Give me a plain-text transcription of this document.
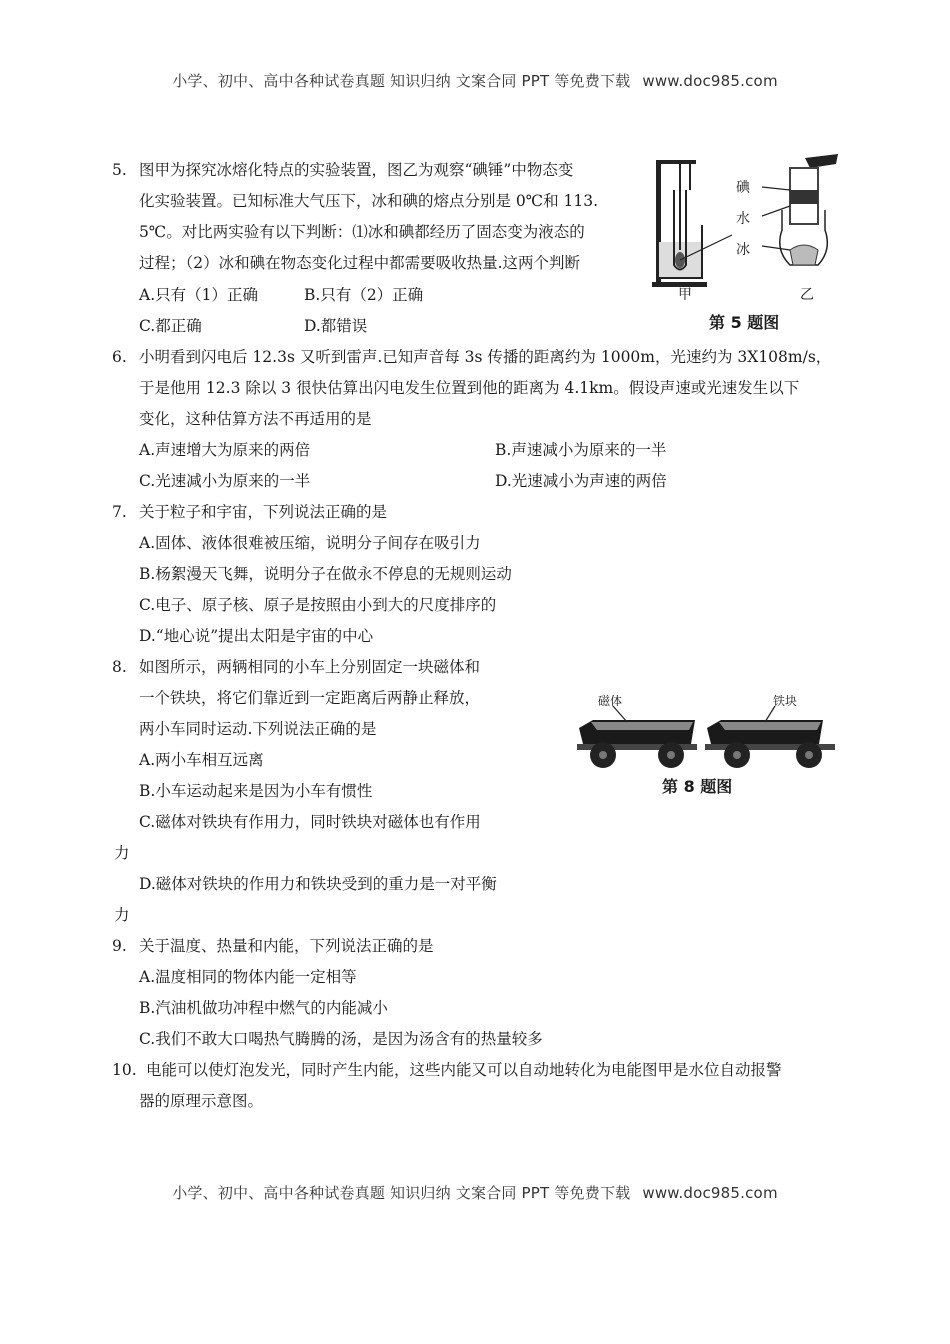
小学、初中、高中各种试卷真题 知识归纳 文案合同 PPT 等免费下载 www.doc985.com
5. 图甲为探究冰熔化特点的实验装置，图乙为观察“碘锤”中物态变
化实验装置。已知标准大气压下，冰和碘的熔点分别是 0℃和 113.
5℃。对比两实验有以下判断：⑴冰和碘都经历了固态变为液态的
过程；（2）冰和碘在物态变化过程中都需要吸收热量.这两个判断
A.只有（1）正确	B.只有（2）正确
C.都正确	D.都错误
碘
水
冰
甲	乙
第 5 题图
6. 小明看到闪电后 12.3s 又听到雷声.已知声音每 3s 传播的距离约为 1000m，光速约为 3X108m/s，
于是他用 12.3 除以 3 很快估算出闪电发生位置到他的距离为 4.1km。假设声速或光速发生以下
变化，这种估算方法不再适用的是
A.声速增大为原来的两倍	B.声速减小为原来的一半
C.光速减小为原来的一半	D.光速减小为声速的两倍
7. 关于粒子和宇宙，下列说法正确的是
A.固体、液体很难被压缩，说明分子间存在吸引力
B.杨絮漫天飞舞，说明分子在做永不停息的无规则运动
C.电子、原子核、原子是按照由小到大的尺度排序的
D.“地心说”提出太阳是宇宙的中心
8. 如图所示，两辆相同的小车上分别固定一块磁体和
一个铁块，将它们靠近到一定距离后两静止释放，
两小车同时运动.下列说法正确的是
A.两小车相互远离
B.小车运动起来是因为小车有惯性
C.磁体对铁块有作用力，同时铁块对磁体也有作用
力
D.磁体对铁块的作用力和铁块受到的重力是一对平衡
力
磁体	铁块
第 8 题图
9. 关于温度、热量和内能，下列说法正确的是
A.温度相同的物体内能一定相等
B.汽油机做功冲程中燃气的内能减小
C.我们不敢大口喝热气腾腾的汤，是因为汤含有的热量较多
10. 电能可以使灯泡发光，同时产生内能，这些内能又可以自动地转化为电能图甲是水位自动报警
器的原理示意图。
小学、初中、高中各种试卷真题 知识归纳 文案合同 PPT 等免费下载 www.doc985.com
